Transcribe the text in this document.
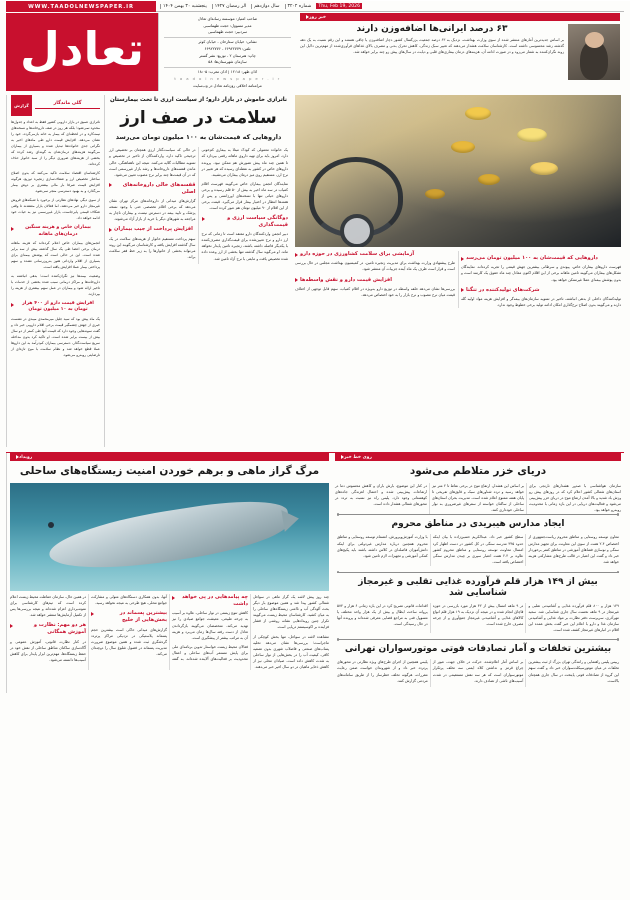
WWW.TAADOLNEWSPAPER.IR	پنجشنبه ۳۰ بهمن ۱۴۰۴	الر رمضان ۱۴۲۷	سال دوازدهم	شماره ۳۲۰۲	Thu, Feb 19, 2026
تعادل
صاحب امتیاز: موسسه رسانه‌ای تعادل
مدیر مسوول: حجت طهماسبی
سردبیر: حجت طهماسبی
نشانی: خیابان ستارخان - خیابان کوثر
تلفن: ۶۶۹۲۲۷۷۹ - ۶۶۹۲۲۷۷۶
چاپ: هنرستان ۲ - توزیع: نشر گستر
سازمان شهرستان‌ها: ۵۸
اذان ظهر: ۱۲:۱۸ | اذان مغرب: ۱۸:۰۵
t a a d o l n e w s p a p e r . i r
مرامنامه اخلاقی روزنامه تعادل در وب‌سایت
خبر روز
۶۳ درصد ایرانی‌ها اضافه‌وزن دارند

بر اساس جدیدترین آمارهای منتشر شده از سوی وزارت بهداشت، نزدیک به ۶۳ درصد جمعیت بزرگسال کشور دچار اضافه‌وزن یا چاقی هستند و این رقم نسبت به یک دهه گذشته رشد محسوسی داشته است. کارشناسان سلامت هشدار می‌دهند که تغییر سبک زندگی، کاهش تحرک بدنی و مصرف بالای غذاهای فرآوری‌شده از مهم‌ترین دلایل این روند نگران‌کننده به شمار می‌رود و در صورت ادامه آن، هزینه‌های درمان بیماری‌های قلبی و دیابت در سال‌های پیش رو چند برابر خواهد شد.

گزارش	گلی ماندگار

ناترازی عمیق در بازار دارویی کشور فقط به اعداد و جدول‌ها محدود نمی‌شود؛ بلکه هر روز در صف داروخانه‌ها و نسخه‌های نیمه‌کاره و در لحظه‌ای که بیمار به خانه بازمی‌گردد، خود را نشان می‌دهد. افزایش قیمت دارو طی ماه‌های اخیر به نگرانی جدی خانواده‌ها تبدیل شده و بسیاری از بیماران می‌گویند هزینه‌های درمان‌شان به گونه‌ای رشد کرده که بخشی از هزینه‌های ضروری دیگر را از سبد خانوار حذف کرده‌اند.

کارشناسان اقتصاد سلامت تاکید می‌کنند که بدون اصلاح ساختار تخصیص ارز و شفاف‌سازی زنجیره توزیع، هرگونه افزایش قیمت صرفا بار مالی بیشتری بر دوش بیمار می‌گذارد و به بهبود دسترسی منجر نمی‌شود.

از سوی دیگر، نهادهای نظارتی از برخورد با شبکه‌های فروش غیرمجاز دارو خبر می‌دهند، اما فعالان بازار معتقدند تا وقتی شکاف قیمتی پابرجاست، بازار غیررسمی نیز به حیات خود ادامه خواهد داد.

بیماران خاص و هزینه سنگین درمان‌های ماهانه

انجمن‌های بیماران خاص اعلام کرده‌اند که هزینه ماهانه درمان برخی اعضا طی یک سال گذشته بیش از سه برابر شده است. این در حالی است که پوشش بیمه‌ای برای بسیاری از اقلام وارداتی هنوز به‌روزرسانی نشده و سهم پرداختی بیمار عملا افزایش یافته است.

وضعیت بیمه‌ها نیز نگران‌کننده است؛ بدهی انباشته به داروخانه‌ها و مراکز درمانی سبب شده بخشی از خدمات با تاخیر ارائه شود و بیماران در عمل سهم بیشتری از هزینه را بپردازند.

افزایش قیمت دارو از ۴۰۰ هزار تومان به ۱۰ میلیون تومان

یک ماه پیش بود که سید جلیل میرمحمدی میبدی در نشست خبری از جهش چشمگیر قیمت برخی اقلام دارویی خبر داد و گفت نمونه‌هایی وجود دارد که قیمت آنها طی کمتر از دو سال بیش از بیست برابر شده است. او تاکید کرد بدون مداخله سریع سیاست‌گذار، دسترسی بیماران کم‌درآمد به این داروها عملا قطع خواهد شد و نظام سلامت با موج تازه‌ای از نارضایتی روبه‌رو می‌شود.

ناترازی خاموش در بازار دارو؛ از سیاست ارزی تا تخت بیمارستان
سلامت در صف ارز
داروهایی که قیمت‌شان به ۱۰۰ میلیون تومان می‌رسد

یک خانواده معمولی که کودک مبتلا به بیماری کم‌خونی دارد، امروز باید برای تهیه داروی ماهانه رقمی بپردازد که تا همین چند ماه پیش تصورش هم ممکن نبود. پرونده داروهای خاص در کشور به نقطه‌ای رسیده که هر تغییر در نرخ ارز، مستقیم روی میز درمان بیماران می‌نشیند.

نمایندگان انجمن بیماران خاص می‌گویند فهرست اقلام کمیاب در سه ماه اخیر به بیش از ۵۰ قلم رسیده و برخی داروهای حیاتی تنها با نسخه‌های اورژانسی و پس از هفته‌ها انتظار در اختیار بیمار قرار می‌گیرد. قیمت برخی از این اقلام از ۹۰ میلیون تومان هم عبور کرده است.

دوگانگی سیاست ارزی و قیمت‌گذاری

دبیر انجمن واردکنندگان دارو معتقد است تا زمانی که نرخ ارز دارو و نرخ تعیین‌شده برای قیمت‌گذاری مصرف‌کننده با یکدیگر فاصله داشته باشند، زنجیره تامین پایدار نخواهد ماند. او می‌گوید سال گذشته تنها بخشی از ارز وعده داده شده تخصیص یافت و مابقی با نرخ آزاد تامین شد.

در حالی که سیاست‌گذار ارزی همچنان بر تخصیص ارز ترجیحی تاکید دارد، واردکنندگان از تاخیر در تخصیص و تسویه مطالبات گلایه می‌کنند. نتیجه این ناهماهنگی، خالی ماندن قفسه‌های داروخانه‌ها و رشد بازار غیررسمی است که در آن قیمت‌ها چند برابر نرخ مصوب تعیین می‌شود.

قفسه‌های خالی داروخانه‌های اصلی

گزارش‌های میدانی از داروخانه‌های مرکز تهران نشان می‌دهد که برخی اقلام تخصصی حتی با وجود نسخه پزشک و تایید بیمه در دسترس نیست و بیماران ناچار به مراجعه به شهرهای دیگر یا خرید از بازار آزاد می‌شوند.

افزایش پرداخت از جیب بیماران

سهم پرداخت مستقیم خانوار از هزینه‌های سلامت در یک سال گذشته افزایش یافته و کارشناسان می‌گویند این روند می‌تواند بخشی از خانوارها را به زیر خط فقر سلامت براند.	داروهایی که قیمت‌شان به ۱۰۰ میلیون تومان می‌رسد

فهرست داروهای بیماران خاص، پیوندی و سرطانی بیشترین جهش قیمتی را تجربه کرده‌اند. نمایندگان تشکل‌های بیماران می‌گویند تامین ماهانه برخی از این اقلام اکنون معادل چند ماه حقوق یک کارمند است و بدون پوشش بیمه‌ای عملا غیرممکن خواهد بود.

شرکت‌های تولیدکننده در تنگنا

تولیدکنندگان داخلی از بدهی انباشته، تاخیر در تسویه سازمان‌های بیمه‌گر و افزایش هزینه مواد اولیه گله دارند و می‌گویند بدون اصلاح نرخ‌گذاری امکان ادامه تولید برخی خطوط وجود ندارد.

آزمایشی برای سلامت کشاورزی در حوزه دارو

طرح پیشنهادی وزارت بهداشت برای مدیریت زنجیره تامین، در کمیسیون بهداشت مجلس در حال بررسی است و قرار است ظرف یک ماه آینده جزییات آن منتشر شود.

افزایش قیمت دارو و نقش واسطه‌ها

بررسی‌ها نشان می‌دهد حلقه واسطه در توزیع دارو به‌ویژه در اقلام کمیاب، سهم قابل توجهی از اختلاف قیمت میان نرخ مصوب و نرخ بازار را به خود اختصاص می‌دهد.

رویداد
مرگ گراز ماهی و برهم خوردن امنیت زیستگاه‌های ساحلی

چند روز پیش لاشه یک گراز ماهی در سواحل شمالی کشور پیدا شد و همین موضوع بار دیگر بحث آلودگی آب و ناامنی زیستگاه‌های ساحلی را به میان کشید. کارشناسان محیط زیست می‌گویند تکرار چنین رویدادهایی نشانه روشنی از فشار فزاینده بر اکوسیستم دریایی است.

مشاهده لاشه در سواحل، تنها بخش کوچکی از ماجراست؛ بررسی‌ها نشان می‌دهد تخلیه پساب‌های صنعتی و فاضلاب شهری بدون تصفیه کافی، کیفیت آب را در بخش‌هایی از نوار ساحلی به شدت کاهش داده است. صیادان محلی نیز از کاهش ذخایر ماهیان در دو سال اخیر خبر می‌دهند.

چه پیامدهایی در پی خواهد داشت

کاهش تنوع زیستی در نوار ساحلی، علاوه بر آسیب به چرخه طبیعی، معیشت جوامع صیادی را نیز تهدید می‌کند. متخصصان می‌گویند بازگرداندن تعادل از دست رفته سال‌ها زمان می‌برد و هزینه آن به مراتب بیشتر از پیشگیری است.

فعالان محیط زیست خواستار تدوین برنامه‌ای ملی برای پایش مستمر آب‌های ساحلی و اعمال محدودیت بر فعالیت‌های آلاینده شده‌اند. به گفته آنها، بدون همکاری دستگاه‌های متولی و مشارکت جوامع محلی، هیچ طرحی به نتیجه نخواهد رسید.

بیشترین پسماند در بخش‌هایی از خلیج

گزارش‌های میدانی حاکی است بیشترین حجم پسماند پلاستیکی در نزدیکی مراکز پرتردد گردشگری ثبت شده و همین موضوع ضرورت مدیریت پسماند در فصول شلوغ سال را دوچندان می‌کند.

در همین حال، سازمان حفاظت محیط زیست اعلام کرده است که تیم‌های کارشناسی برای نمونه‌برداری اعزام شده‌اند و نتیجه بررسی‌ها پس از تکمیل آزمایش‌ها منتشر خواهد شد.

هر دو مهم: نظارت و آموزش همگانی

در کنار نظارت قانونی، آموزش عمومی و آگاه‌سازی ساکنان مناطق ساحلی از نقش خود در حفظ زیستگاه‌ها، مهم‌ترین ابزار پایدار برای کاهش آسیب‌ها دانسته می‌شود.

روی خط خبر
دریای خزر متلاطم می‌شود

سازمان هواشناسی با صدور هشدارهای نارنجی برای استان‌های شمالی کشور اعلام کرد که در روزهای پیش رو وزش باد شدید و بالا آمدن ارتفاع موج در دریای خزر پیش‌بینی می‌شود و فعالیت‌های دریایی در این بازه زمانی با محدودیت روبه‌رو خواهد بود.

بر اساس این هشدار، ارتفاع موج در برخی نقاط تا ۲ متر نیز خواهد رسید و تردد شناورهای سبک و قایق‌های تفریحی تا پایان هفته ممنوع اعلام شده است. مدیریت بحران استان‌های ساحلی از ساکنان خواسته از سفرهای غیرضروری به نوار ساحلی خودداری کنند.

در کنار این موضوع، بارش باران و کاهش محسوس دما در ارتفاعات پیش‌بینی شده و احتمال لغزندگی جاده‌های کوهستانی وجود دارد. پلیس راه نیز نسبت به تردد در محورهای شمالی هشدار داده است.

ایجاد مدارس هیبریدی در مناطق محروم

معاون توسعه روستایی و مناطق محروم ریاست‌جمهوری از اختصاص ۲.۴ همت از سوی این معاونت برای تجهیز مدارس سنگی و نوسازی فضاهای آموزشی در مناطق کمتر برخوردار خبر داد و گفت این اعتبار در قالب طرح‌های مشارکتی هزینه خواهد شد.

سطح کشور خبر داد. عبدالکریم حسین‌زاده با بیان اینکه حدود ۳۴۵ مدرسه سنگی در کل کشور در دست اظهار کرد امسال معاونت توسعه روستایی و مناطق محروم کشور علاوه بر ۲.۴ همت اعتبار سپری بر چیدن مدارس سنگی اختصاص یافته است.

با وزارت آموزش‌وپرورش، انضمام توسعه روستایی و مناطق محروم همچنین درباره مدارس غیردولتی برای اینکه دانش‌آموزان فاصله‌ای در کلاس داشته باشند باید پکیج‌های کمکی آموزشی و تجهیزات لازم تامین شود.

بیش از ۱۴۹ هزار قلم فرآورده غذایی تقلبی و غیرمجاز شناسایی شد

۱۴۹ هزار و ۸۰۰ قلم فرآورده غذایی و آشامیدنی تقلبی و غیرمجاز در ۹ ماهه نخست سال جاری شناسایی شد. سعید مهرآذری، سرپرست دفتر نظارت بر مواد غذایی و آشامیدنی سازمان غذا و دارو با اعلام این خبر گفت بخش عمده این اقلام در انبارهای غیرمجاز کشف شده است.

در ۹ ماهه امسال بیش از ۳۲ هزار مورد بازرسی در حوزه قاچاق انجام شده و در نتیجه آن نزدیک به ۱۹ هزار قلم انواع کالاهای غذایی و آشامیدنی غیرمجاز جمع‌آوری و از چرخه مصرف خارج شده است.

اقدامات قانونی تصریح کرد در این بازه زمانی ۶ هزار و ۵۷۴ پروانه ساخت ابطال و بیش از یک هزار واحد مختلف یا مسوول فنی به مراجع قضایی معرفی شده‌اند و پرونده آنها در حال رسیدگی است.

بیشترین تخلفات و آمار تصادفات فوتی موتورسواران تهرانی

رییس پلیس راهنمایی و رانندگی تهران بزرگ از ثبت بیشترین تخلفات در میان موتورسیکلت‌سواران خبر داد و گفت سهم این گروه از تصادفات فوتی پایتخت در سال جاری همچنان بالاست.

بر اساس آمار اعلام‌شده، حرکت در خلاف جهت، عبور از چراغ قرمز و نداشتن کلاه ایمنی سه تخلف پرتکرار موتورسواران است که هر سه نقش مستقیمی در شدت آسیب‌های ناشی از تصادف دارند.

پلیس همچنین از اجرای طرح‌های ویژه نظارتی در محورهای پرتردد خبر داد و از شهروندان خواست ضمن رعایت مقررات، هرگونه تخلف خطرساز را از طریق سامانه‌های مردمی گزارش کنند.
